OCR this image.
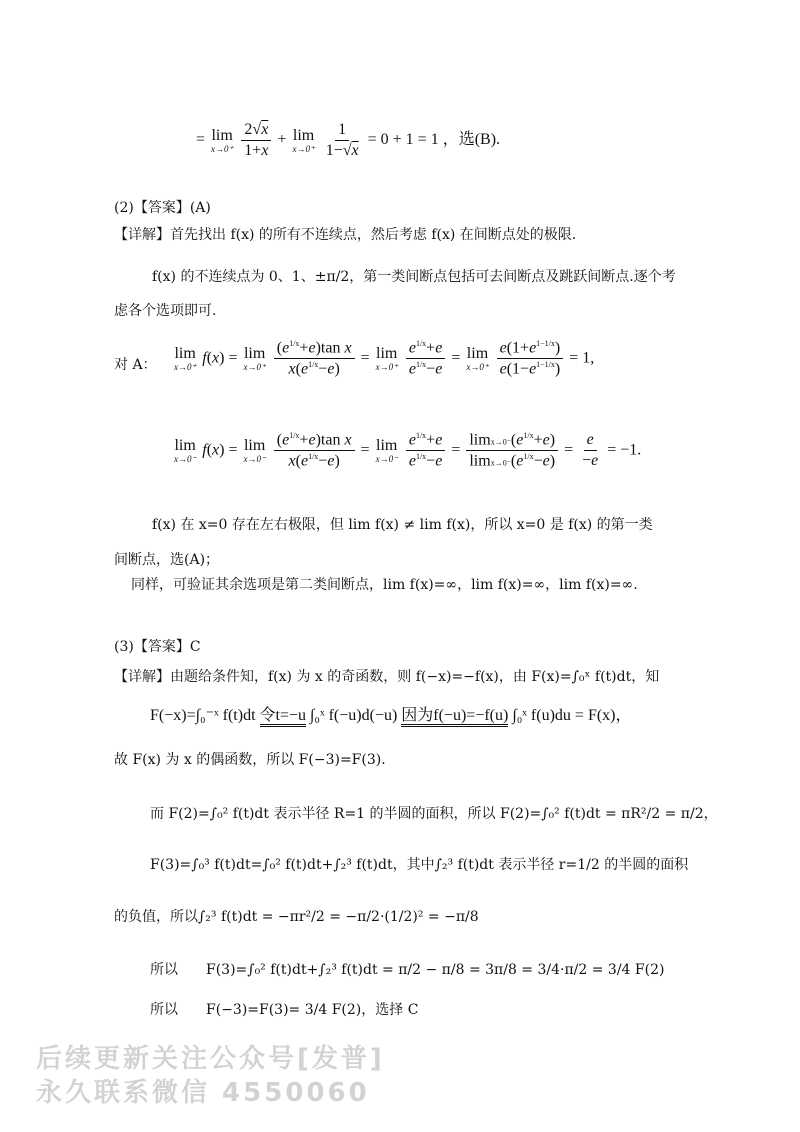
= lim
x→0⁺
$\frac{2√x}{1+x} + \lim$
x→0⁺
$\frac{1}{1-√x} = 0 + 1 = 1$ ，选(B).
(2)【答案】(A)
【详解】首先找出 f(x) 的所有不连续点，然后考虑 f(x) 在间断点处的极限.
f(x) 的不连续点为 0、1、±π/2，第一类间断点包括可去间断点及跳跃间断点.逐个考
虑各个选项即可.
对 A：
lim
x→0⁺
f(x) = lim
x→0⁺
$\frac{(e^{1/x}+e)\tan x}{x(e^{1/x}-e)} = \lim$
x→0⁺
$\frac{e^{1/x}+e}{e^{1/x}-e} = \lim$
x→0⁺
$\frac{e(1+e^{1-1/x})}{e(1-e^{1-1/x})} = 1$,
lim
x→0⁻
f(x) = lim
x→0⁻
$\frac{(e^{1/x}+e)\tan x}{x(e^{1/x}-e)} = \lim$
x→0⁻
$\frac{e^{1/x}+e}{e^{1/x}-e} = \frac{\lim x\to 0^-(e^{1/x}+e)}{\lim x\to 0^-(e^{1/x}-e)} = \frac{e}{-e} = -1$.
f(x) 在 x=0 存在左右极限，但 lim f(x) ≠ lim f(x)，所以 x=0 是 f(x) 的第一类
间断点，选(A)；
同样，可验证其余选项是第二类间断点，lim f(x)=∞，lim f(x)=∞，lim f(x)=∞.
(3)【答案】C
【详解】由题给条件知，f(x) 为 x 的奇函数，则 f(−x)=−f(x)，由 F(x)=∫₀ˣ f(t)dt，知
F(−x)=∫₀⁻ˣ f(t)dt 令t=−u ∫₀ˣ f(−u)d(−u) 因为f(−u)=−f(u) ∫₀ˣ f(u)du = F(x)，
故 F(x) 为 x 的偶函数，所以 F(−3)=F(3).
而 F(2)=∫₀² f(t)dt 表示半径 R=1 的半圆的面积，所以 F(2)=∫₀² f(t)dt = πR²/2 = π/2，
F(3)=∫₀³ f(t)dt=∫₀² f(t)dt+∫₂³ f(t)dt，其中∫₂³ f(t)dt 表示半径 r=1/2 的半圆的面积
的负值，所以∫₂³ f(t)dt = −πr²/2 = −π/2·(1/2)² = −π/8
所以 F(3)=∫₀² f(t)dt+∫₂³ f(t)dt = π/2 − π/8 = 3π/8 = 3/4·π/2 = 3/4 F(2)
所以 F(−3)=F(3)= 3/4 F(2)，选择 C
后续更新关注公众号[发普]
永久联系微信 4550060
